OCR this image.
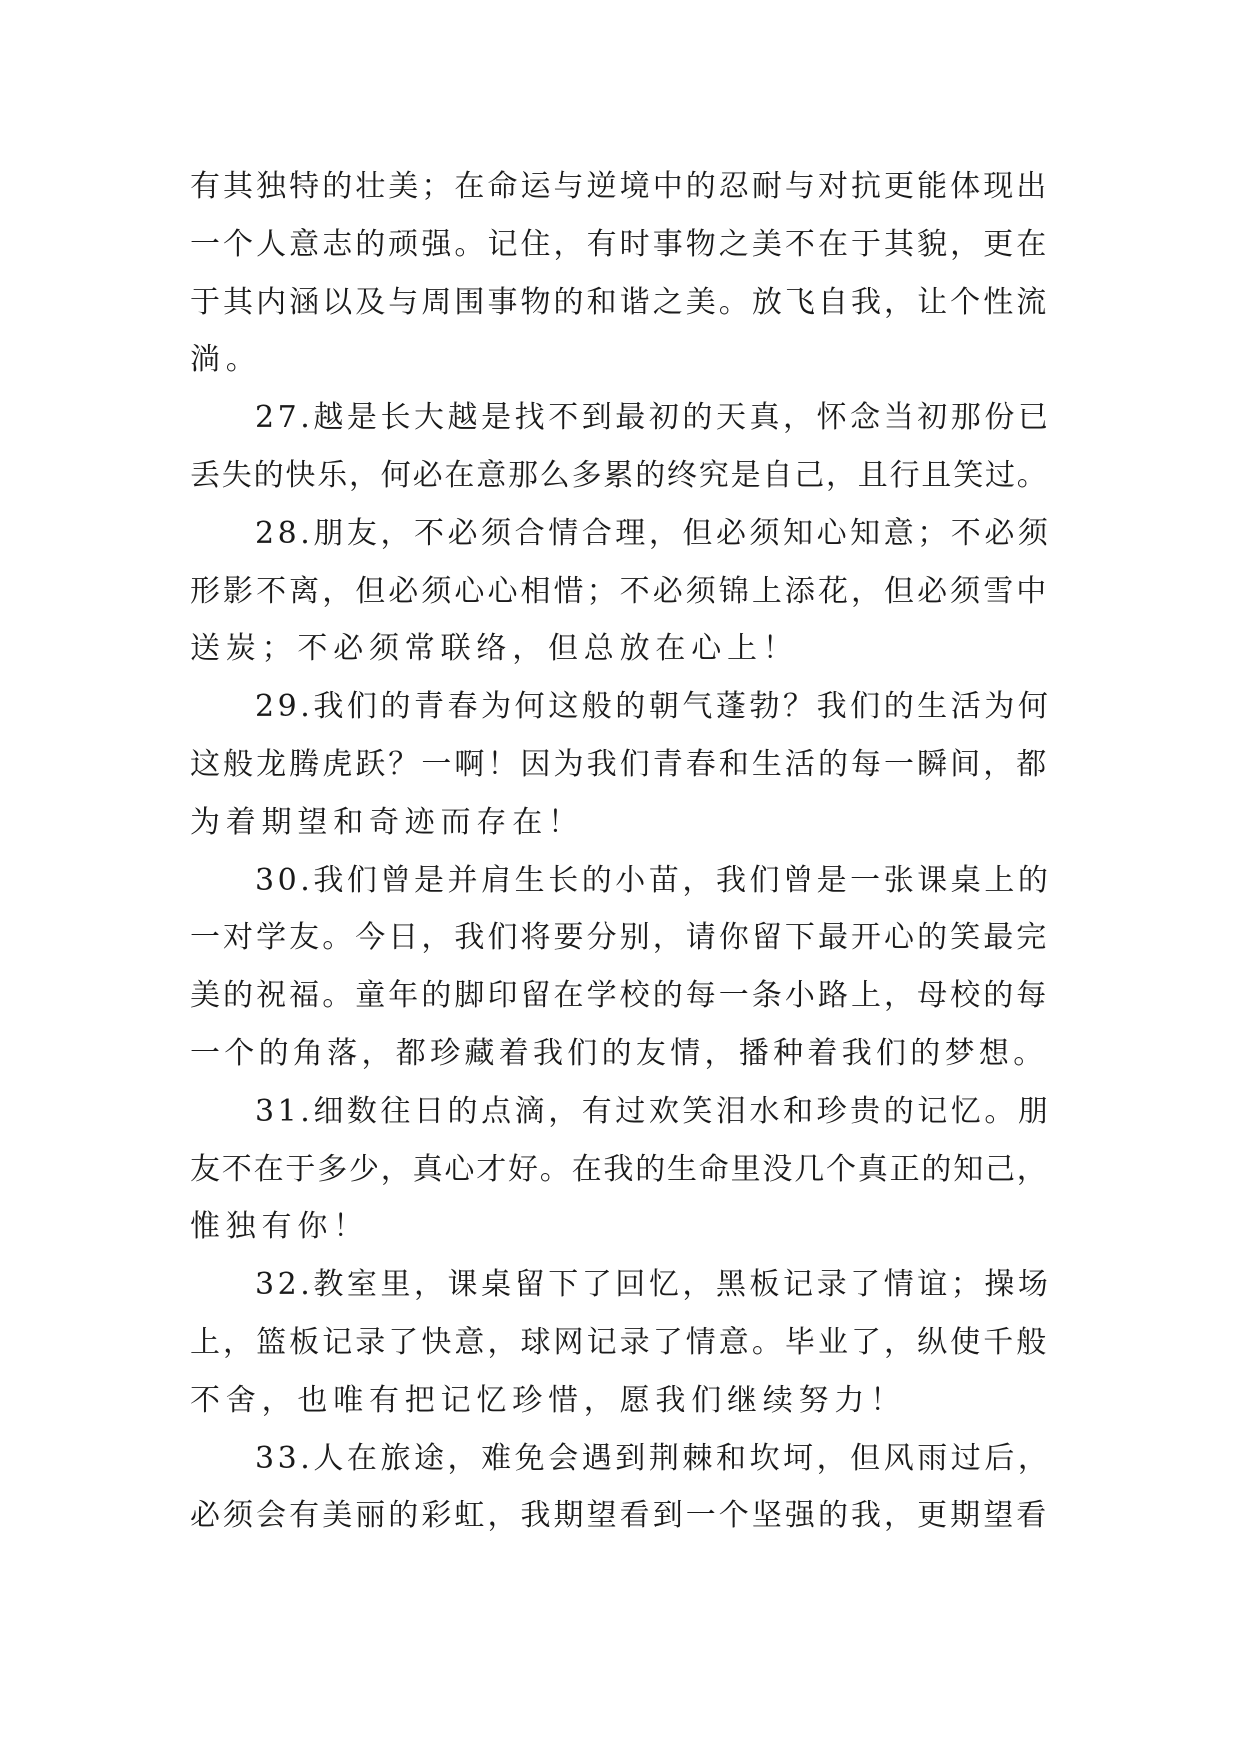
有其独特的壮美；在命运与逆境中的忍耐与对抗更能体现出
一个人意志的顽强。记住，有时事物之美不在于其貌，更在
于其内涵以及与周围事物的和谐之美。放飞自我，让个性流
淌。

27.越是长大越是找不到最初的天真，怀念当初那份已
丢失的快乐，何必在意那么多累的终究是自己，且行且笑过。

28.朋友，不必须合情合理，但必须知心知意；不必须
形影不离，但必须心心相惜；不必须锦上添花，但必须雪中
送炭；不必须常联络，但总放在心上！

29.我们的青春为何这般的朝气蓬勃？我们的生活为何
这般龙腾虎跃？一啊！因为我们青春和生活的每一瞬间，都
为着期望和奇迹而存在！

30.我们曾是并肩生长的小苗，我们曾是一张课桌上的
一对学友。今日，我们将要分别，请你留下最开心的笑最完
美的祝福。童年的脚印留在学校的每一条小路上，母校的每
一个的角落，都珍藏着我们的友情，播种着我们的梦想。

31.细数往日的点滴，有过欢笑泪水和珍贵的记忆。朋
友不在于多少，真心才好。在我的生命里没几个真正的知己，
惟独有你！

32.教室里，课桌留下了回忆，黑板记录了情谊；操场
上，篮板记录了快意，球网记录了情意。毕业了，纵使千般
不舍，也唯有把记忆珍惜，愿我们继续努力！

33.人在旅途，难免会遇到荆棘和坎坷，但风雨过后，
必须会有美丽的彩虹，我期望看到一个坚强的我，更期望看
